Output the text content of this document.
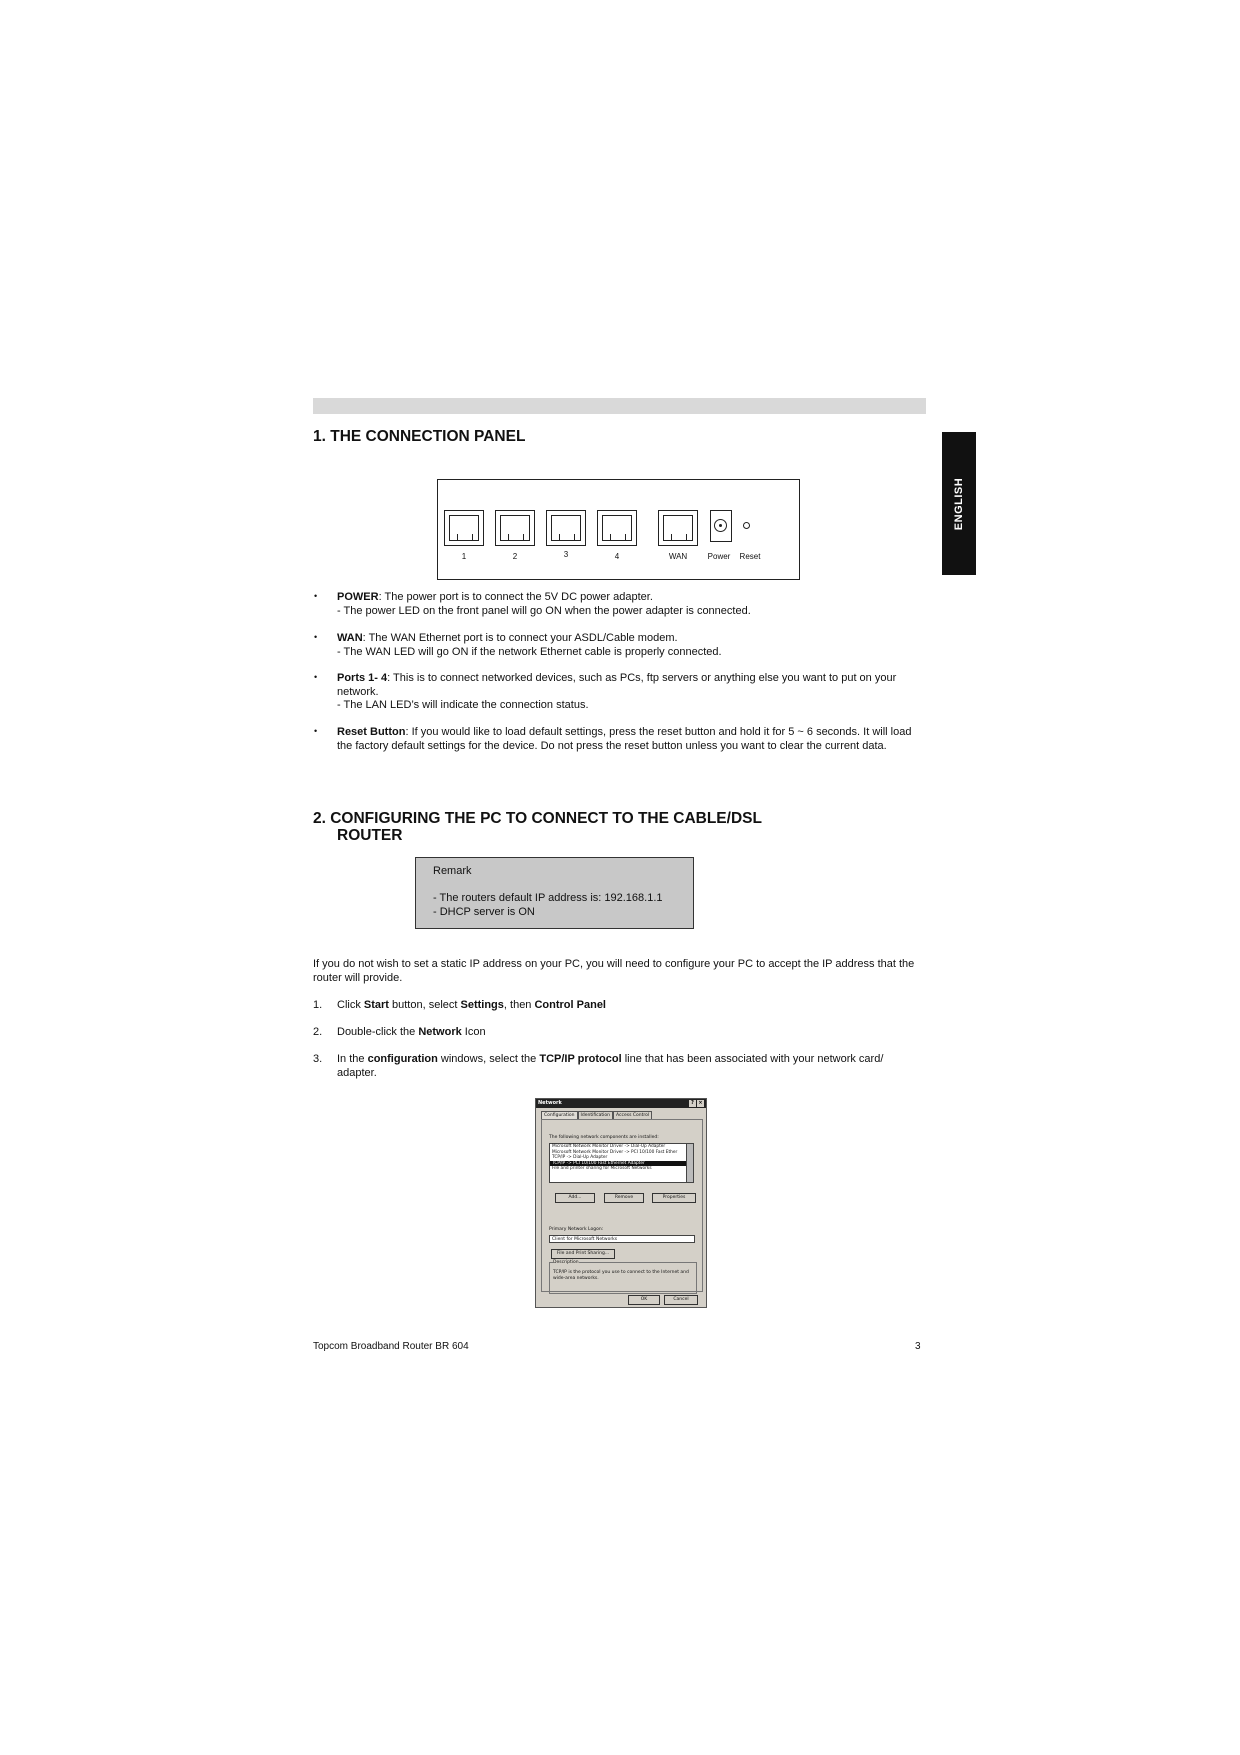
ENGLISH
1. THE CONNECTION PANEL
1	2	3	4	WAN	Power	Reset
• POWER: The power port is to connect the 5V DC power adapter.
- The power LED on the front panel will go ON when the power adapter is connected.

• WAN: The WAN Ethernet port is to connect your ASDL/Cable modem.
- The WAN LED will go ON if the network Ethernet cable is properly connected.

• Ports 1- 4: This is to connect networked devices, such as PCs, ftp servers or anything else you want to put on your network.
- The LAN LED’s will indicate the connection status.

• Reset Button: If you would like to load default settings, press the reset button and hold it for 5 ~ 6 seconds. It will load the factory default settings for the device. Do not press the reset button unless you want to clear the current data.

2. CONFIGURING THE PC TO CONNECT TO THE CABLE/DSL
ROUTER

Remark

- The routers default IP address is: 192.168.1.1

- DHCP server is ON

If you do not wish to set a static IP address on your PC, you will need to configure your PC to accept the IP address that the router will provide.

1. Click Start button, select Settings, then Control Panel

2. Double-click the Network Icon

3. In the configuration windows, select the TCP/IP protocol line that has been associated with your network card/ adapter.

Network	? ×
Configuration Identification Access Control
The following network components are installed:
Microsoft Network Monitor Driver -> Dial-Up Adapter
Microsoft Network Monitor Driver -> PCI 10/100 Fast Ether
TCP/IP -> Dial-Up Adapter
TCP/IP -> PCI 10/100 Fast Ethernet Adapter
File and printer sharing for Microsoft Networks
Add...	Remove	Properties
Primary Network Logon:
Client for Microsoft Networks
File and Print Sharing...
Description
TCP/IP is the protocol you use to connect to the Internet and wide-area networks.
OK	Cancel
Topcom Broadband Router BR 604	3
